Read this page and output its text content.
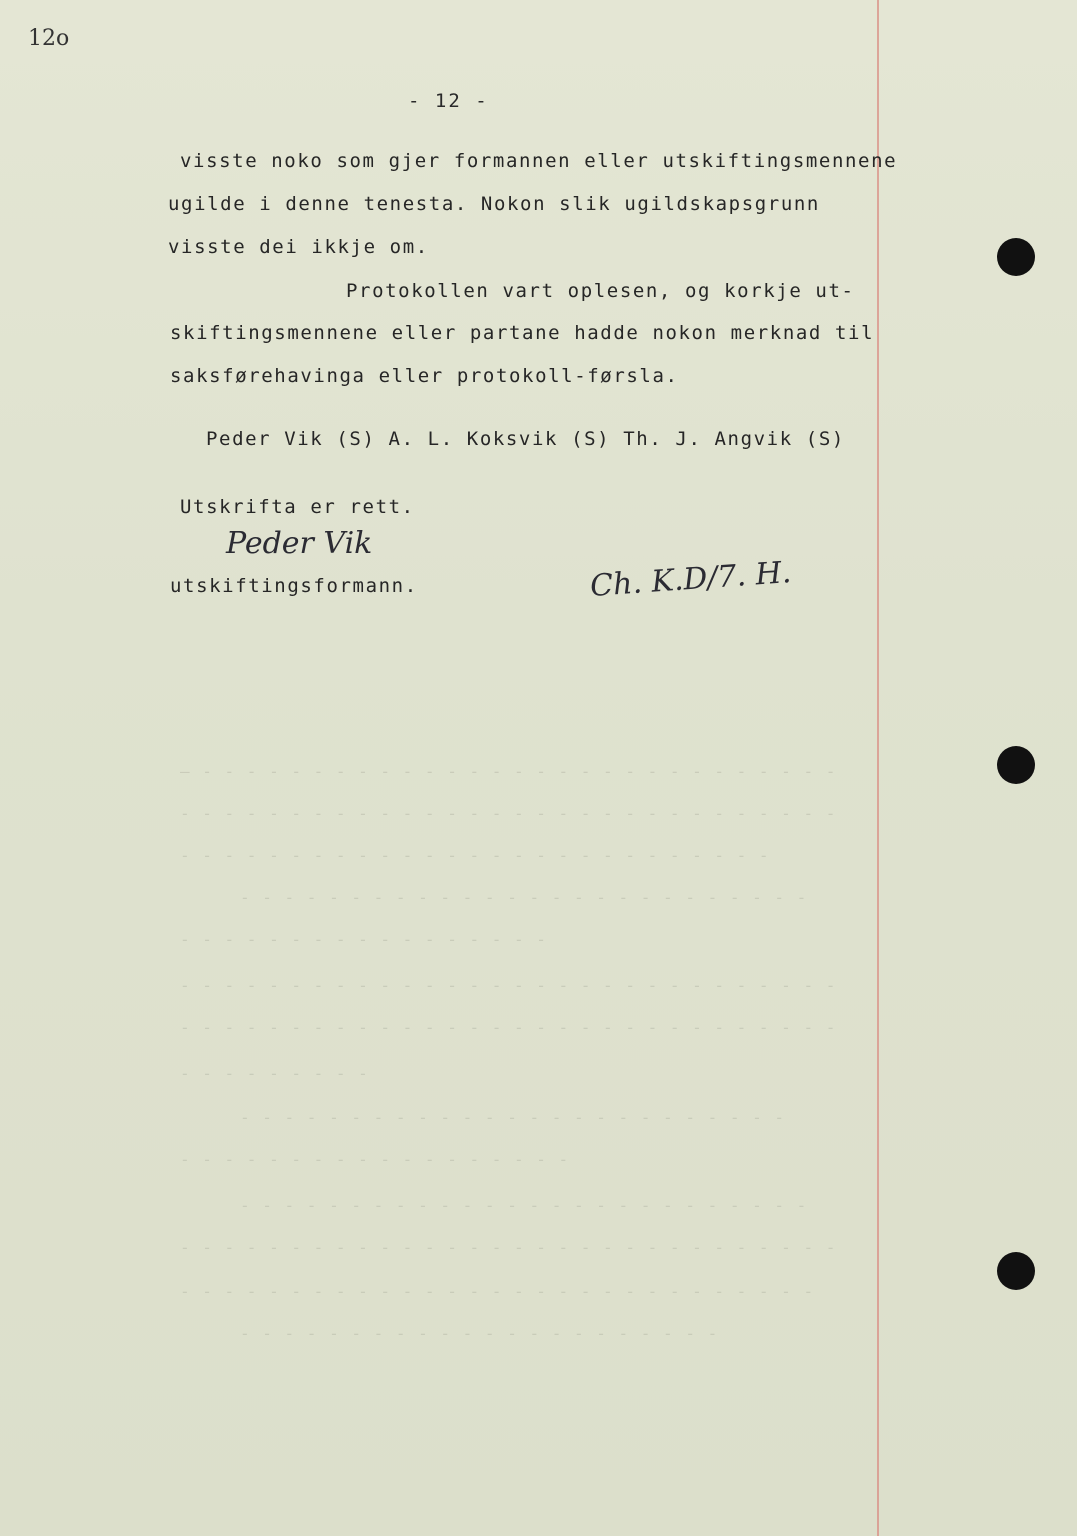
— - - - - - - - - - - - - - - - - - - - - - - - - - - - - -
- - - - - - - - - - - - - - - - - - - - - - - - - - - - - -
- - - - - - - - - - - - - - - - - - - - - - - - - - -
- - - - - - - - - - - - - - - - - - - - - - - - - -
- - - - - - - - - - - - - - - - -
- - - - - - - - - - - - - - - - - - - - - - - - - - - - - -
- - - - - - - - - - - - - - - - - - - - - - - - - - - - - -
- - - - - - - - -
- - - - - - - - - - - - - - - - - - - - - - - - -
- - - - - - - - - - - - - - - - - -
- - - - - - - - - - - - - - - - - - - - - - - - - -
- - - - - - - - - - - - - - - - - - - - - - - - - - - - - -
- - - - - - - - - - - - - - - - - - - - - - - - - - - - -
- - - - - - - - - - - - - - - - - - - - - -
12o
- 12 -
visste noko som gjer formannen eller utskiftingsmennene
ugilde i denne tenesta. Nokon slik ugildskapsgrunn
visste dei ikkje om.
Protokollen vart oplesen, og korkje ut-
skiftingsmennene eller partane hadde nokon merknad til
saksførehavinga eller protokoll-førsla.
Peder Vik (S) A. L. Koksvik (S) Th. J. Angvik (S)
Utskrifta er rett.
Peder Vik
utskiftingsformann.	Ch. K.D/7. H.
